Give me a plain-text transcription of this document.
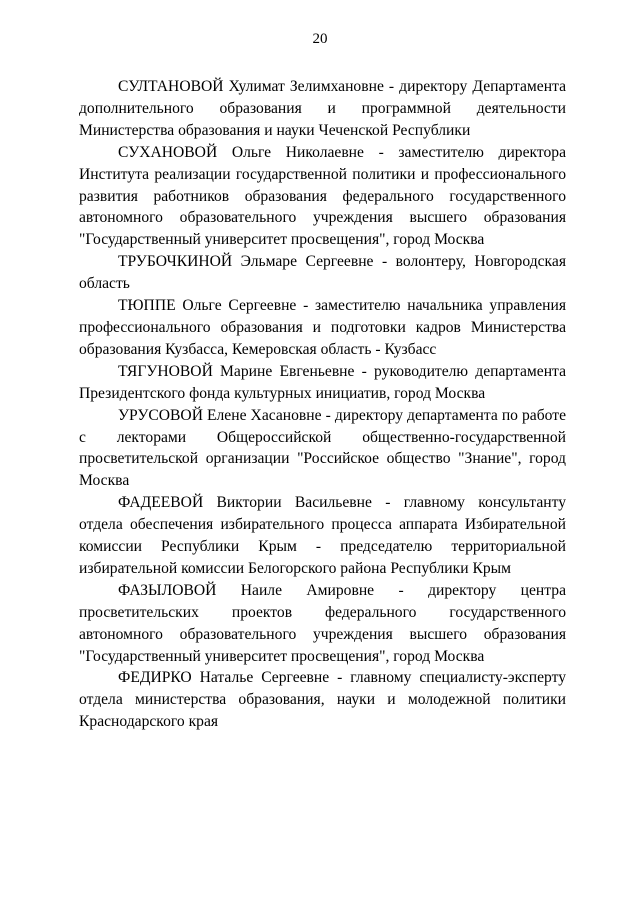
20

СУЛТАНОВОЙ Хулимат Зелимхановне - директору Департамента дополнительного образования и программной деятельности Министерства образования и науки Чеченской Республики

СУХАНОВОЙ Ольге Николаевне - заместителю директора Института реализации государственной политики и профессионального развития работников образования федерального государственного автономного образовательного учреждения высшего образования "Государственный университет просвещения", город Москва

ТРУБОЧКИНОЙ Эльмаре Сергеевне - волонтеру, Новгородская область

ТЮППЕ Ольге Сергеевне - заместителю начальника управления профессионального образования и подготовки кадров Министерства образования Кузбасса, Кемеровская область - Кузбасс

ТЯГУНОВОЙ Марине Евгеньевне - руководителю департамента Президентского фонда культурных инициатив, город Москва

УРУСОВОЙ Елене Хасановне - директору департамента по работе с лекторами Общероссийской общественно-государственной просветительской организации "Российское общество "Знание", город Москва

ФАДЕЕВОЙ Виктории Васильевне - главному консультанту отдела обеспечения избирательного процесса аппарата Избирательной комиссии Республики Крым - председателю территориальной избирательной комиссии Белогорского района Республики Крым

ФАЗЫЛОВОЙ Наиле Амировне - директору центра просветительских проектов федерального государственного автономного образовательного учреждения высшего образования "Государственный университет просвещения", город Москва

ФЕДИРКО Наталье Сергеевне - главному специалисту-эксперту отдела министерства образования, науки и молодежной политики Краснодарского края
